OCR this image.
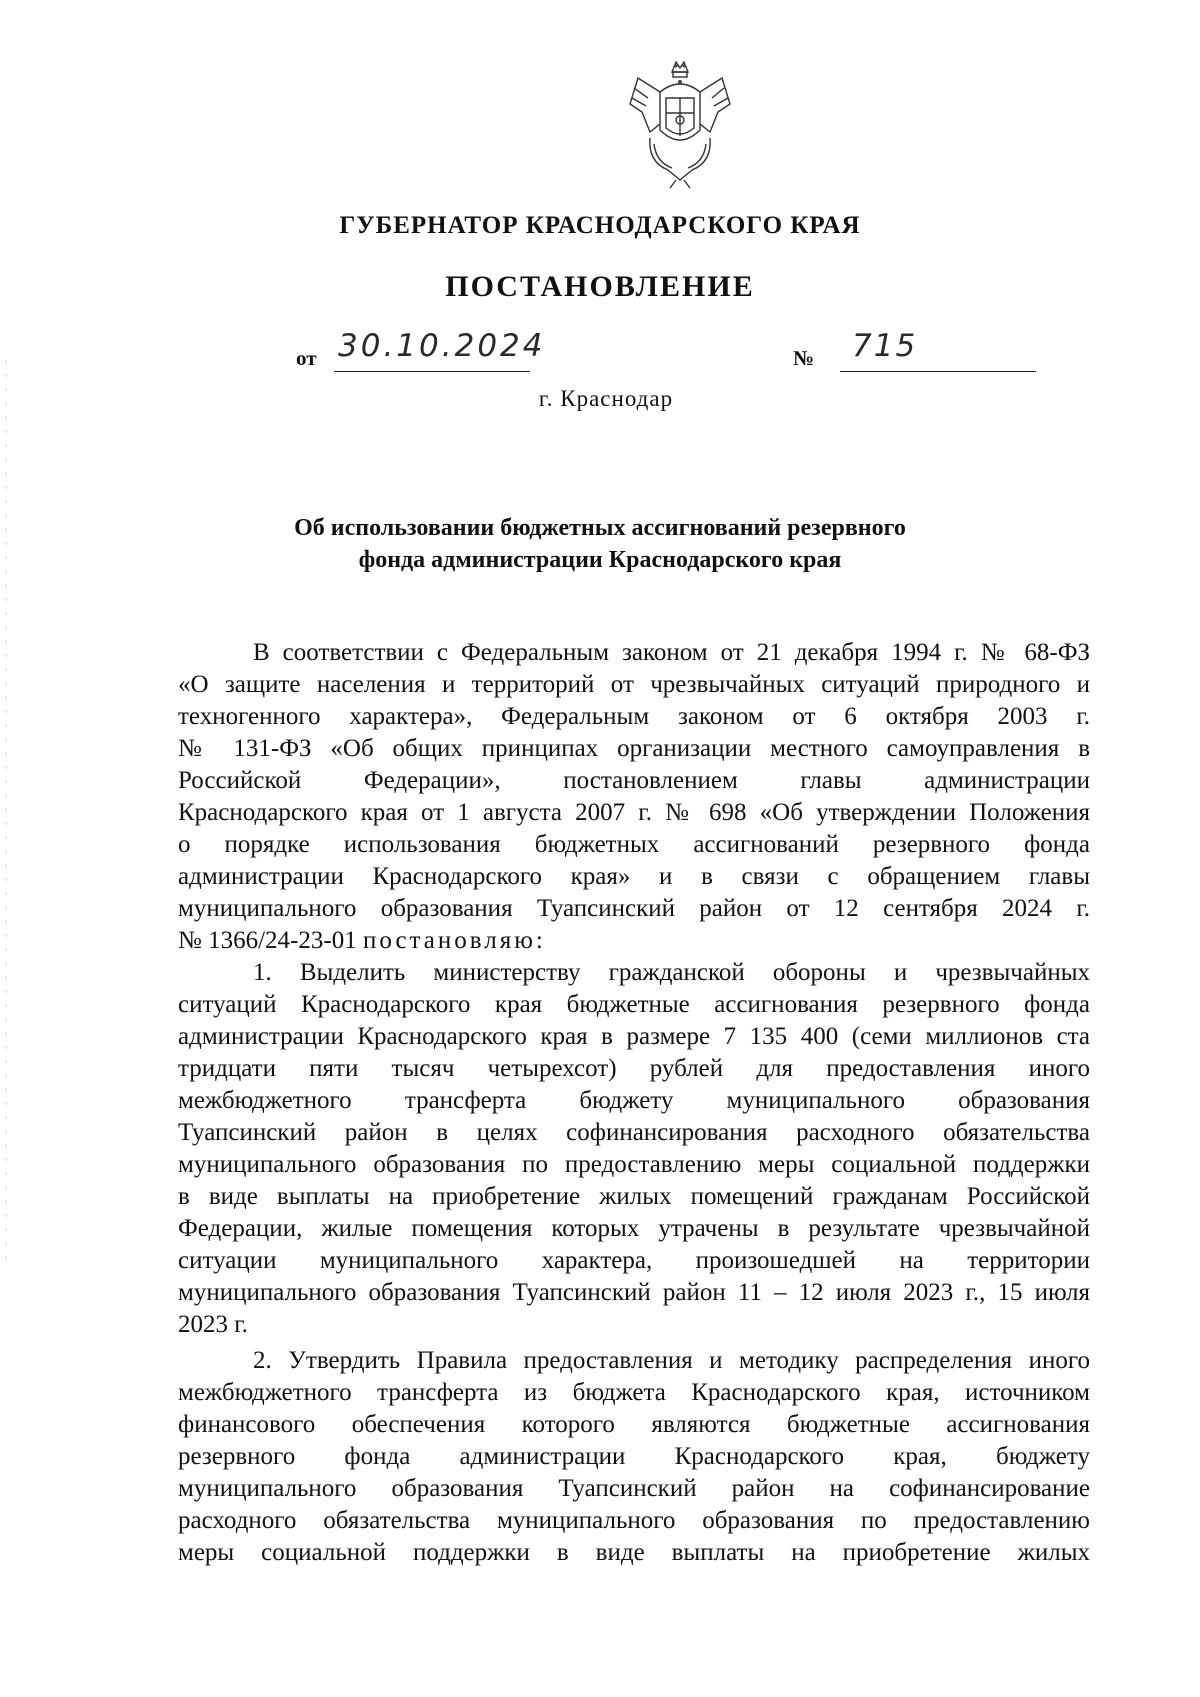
ГУБЕРНАТОР КРАСНОДАРСКОГО КРАЯ
ПОСТАНОВЛЕНИЕ
от 30.10.2024	№ 715
г. Краснодар
Об использовании бюджетных ассигнований резервного
фонда администрации Краснодарского края
В соответствии с Федеральным законом от 21 декабря 1994 г. № 68-ФЗ
«О защите населения и территорий от чрезвычайных ситуаций природного и
техногенного характера», Федеральным законом от 6 октября 2003 г.
№ 131-ФЗ «Об общих принципах организации местного самоуправления в
Российской Федерации», постановлением главы администрации
Краснодарского края от 1 августа 2007 г. № 698 «Об утверждении Положения
о порядке использования бюджетных ассигнований резервного фонда
администрации Краснодарского края» и в связи с обращением главы
муниципального образования Туапсинский район от 12 сентября 2024 г.
№ 1366/24-23-01 постановляю:
1. Выделить министерству гражданской обороны и чрезвычайных
ситуаций Краснодарского края бюджетные ассигнования резервного фонда
администрации Краснодарского края в размере 7 135 400 (семи миллионов ста
тридцати пяти тысяч четырехсот) рублей для предоставления иного
межбюджетного трансферта бюджету муниципального образования
Туапсинский район в целях софинансирования расходного обязательства
муниципального образования по предоставлению меры социальной поддержки
в виде выплаты на приобретение жилых помещений гражданам Российской
Федерации, жилые помещения которых утрачены в результате чрезвычайной
ситуации муниципального характера, произошедшей на территории
муниципального образования Туапсинский район 11 – 12 июля 2023 г., 15 июля
2023 г.
2. Утвердить Правила предоставления и методику распределения иного
межбюджетного трансферта из бюджета Краснодарского края, источником
финансового обеспечения которого являются бюджетные ассигнования
резервного фонда администрации Краснодарского края, бюджету
муниципального образования Туапсинский район на софинансирование
расходного обязательства муниципального образования по предоставлению
меры социальной поддержки в виде выплаты на приобретение жилых
